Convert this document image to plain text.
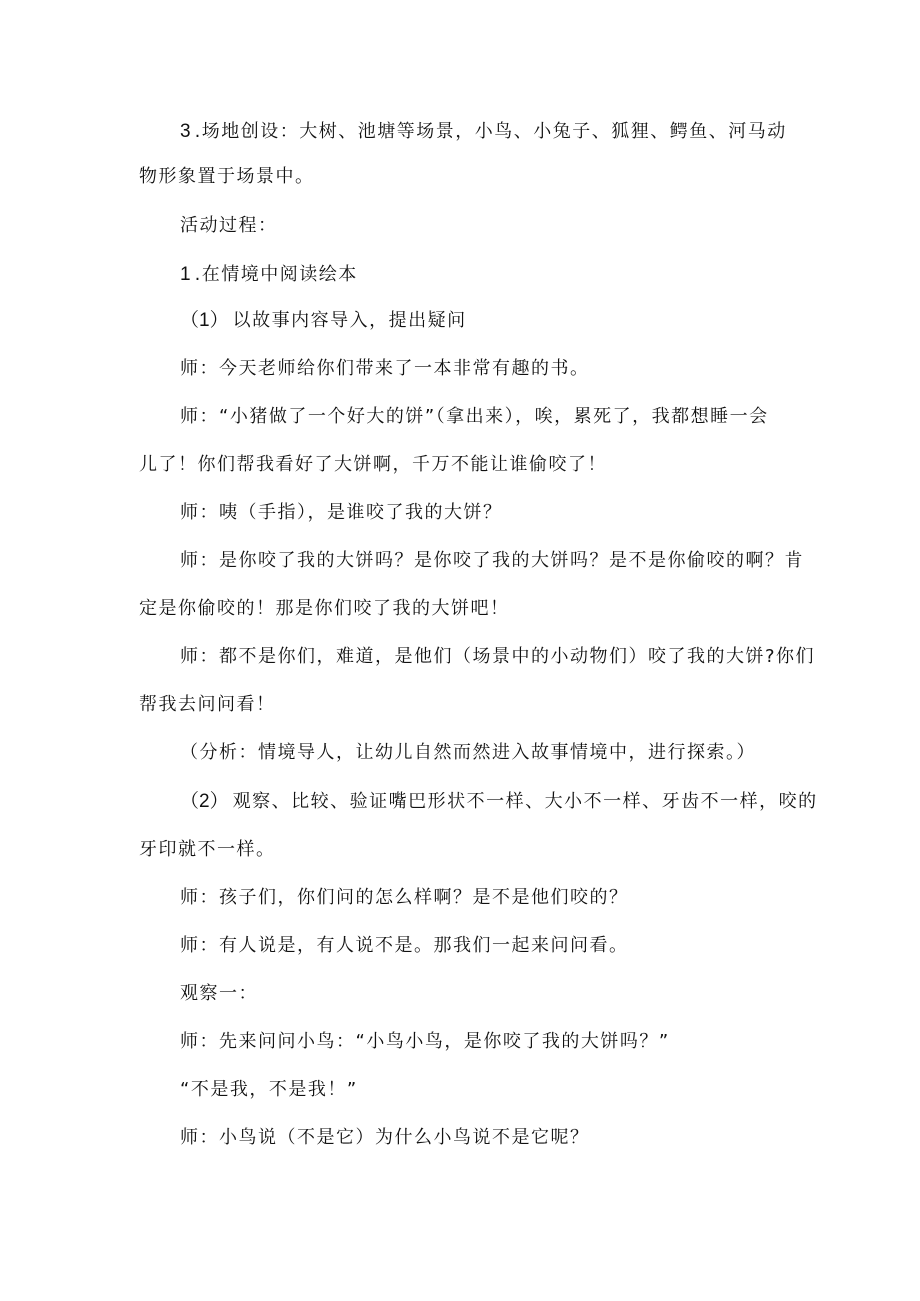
3 .场地创设：大树、池塘等场景，小鸟、小兔子、狐狸、鳄鱼、河马动
物形象置于场景中。
活动过程：
1 .在情境中阅读绘本
（1） 以故事内容导入，提出疑问
师：今天老师给你们带来了一本非常有趣的书。
师：“小猪做了一个好大的饼”（拿出来），唉，累死了，我都想睡一会
儿了！你们帮我看好了大饼啊，千万不能让谁偷咬了！
师：咦（手指），是谁咬了我的大饼？
师：是你咬了我的大饼吗？是你咬了我的大饼吗？是不是你偷咬的啊？肯
定是你偷咬的！那是你们咬了我的大饼吧！
师：都不是你们，难道，是他们（场景中的小动物们）咬了我的大饼?你们
帮我去问问看！
（分析：情境导人，让幼儿自然而然进入故事情境中，进行探索。）
（2） 观察、比较、验证嘴巴形状不一样、大小不一样、牙齿不一样，咬的
牙印就不一样。
师：孩子们，你们问的怎么样啊？是不是他们咬的？
师：有人说是，有人说不是。那我们一起来问问看。
观察一：
师：先来问问小鸟：“小鸟小鸟，是你咬了我的大饼吗？”
“不是我，不是我！”
师：小鸟说（不是它）为什么小鸟说不是它呢？
